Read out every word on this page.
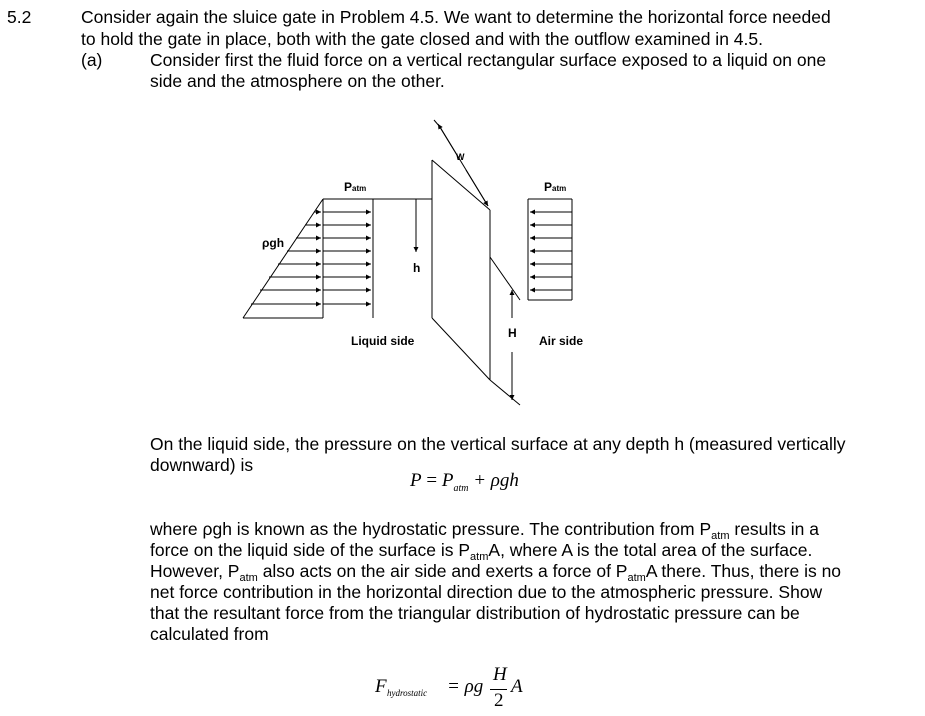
5.2	Consider again the sluice gate in Problem 4.5. We want to determine the horizontal force needed
to hold the gate in place, both with the gate closed and with the outflow examined in 4.5.
(a)	Consider first the fluid force on a vertical rectangular surface exposed to a liquid on one
side and the atmosphere on the other.
Patm	Patm
ρgh
W
h
H
Liquid side	Air side
On the liquid side, the pressure on the vertical surface at any depth h (measured vertically
downward) is
$P = P_{atm} + \rho gh$
where ρgh is known as the hydrostatic pressure. The contribution from $P_{atm}$ results in a
force on the liquid side of the surface is $P_{atm}A$, where A is the total area of the surface.
However, $P_{atm}$ also acts on the air side and exerts a force of $P_{atm}A$ there. Thus, there is no
net force contribution in the horizontal direction due to the atmospheric pressure. Show
that the resultant force from the triangular distribution of hydrostatic pressure can be
calculated from
F hydrostatic = ρg
H
2
A
